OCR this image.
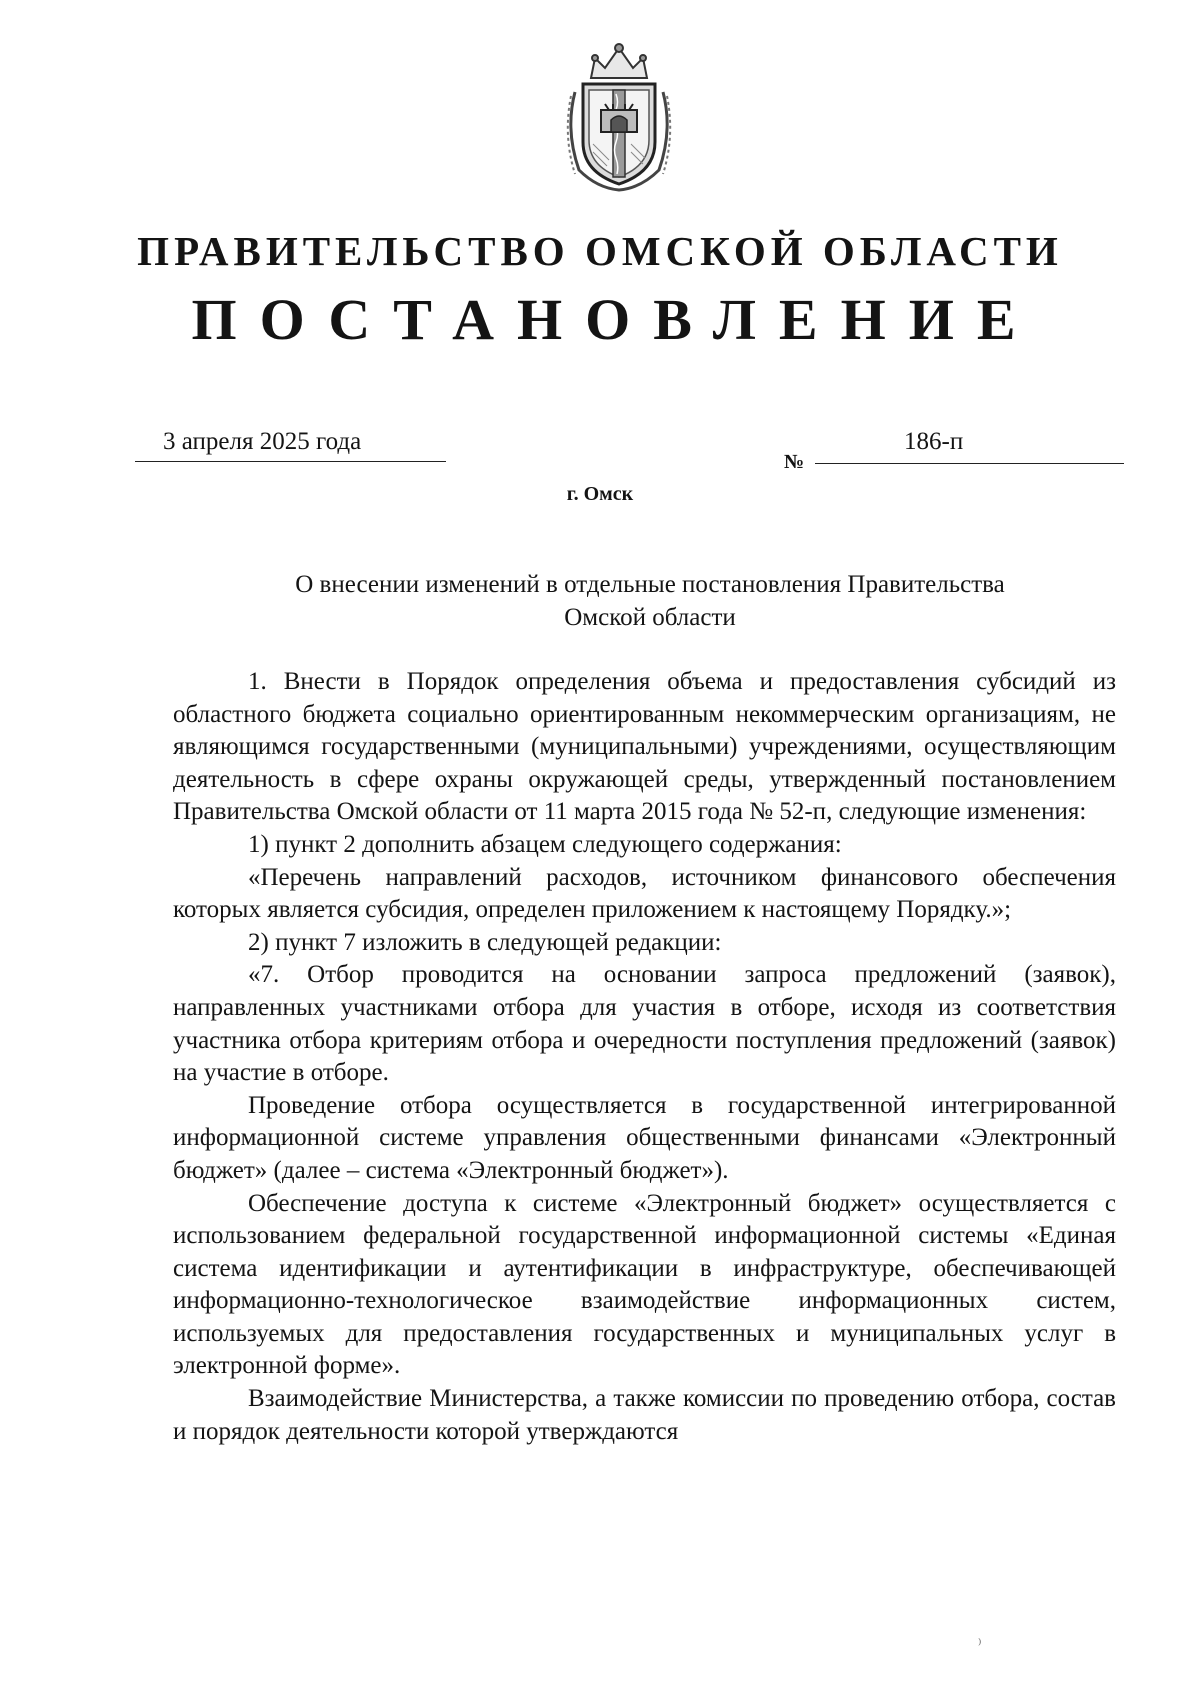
ПРАВИТЕЛЬСТВО ОМСКОЙ ОБЛАСТИ
ПОСТАНОВЛЕНИЕ
3 апреля 2025 года
№
186-п
г. Омск
О внесении изменений в отдельные постановления Правительства
Омской области

1. Внести в Порядок определения объема и предоставления субсидий из областного бюджета социально ориентированным некоммерческим организациям, не являющимся государственными (муниципальными) учреждениями, осуществляющим деятельность в сфере охраны окружающей среды, утвержденный постановлением Правительства Омской области от 11 марта 2015 года № 52-п, следующие изменения:

1) пункт 2 дополнить абзацем следующего содержания:

«Перечень направлений расходов, источником финансового обеспечения которых является субсидия, определен приложением к настоящему Порядку.»;

2) пункт 7 изложить в следующей редакции:

«7. Отбор проводится на основании запроса предложений (заявок), направленных участниками отбора для участия в отборе, исходя из соответствия участника отбора критериям отбора и очередности поступления предложений (заявок) на участие в отборе.

Проведение отбора осуществляется в государственной интегрированной информационной системе управления общественными финансами «Электронный бюджет» (далее – система «Электронный бюджет»).

Обеспечение доступа к системе «Электронный бюджет» осуществляется с использованием федеральной государственной информационной системы «Единая система идентификации и аутентификации в инфраструктуре, обеспечивающей информационно-технологическое взаимодействие информационных систем, используемых для предоставления государственных и муниципальных услуг в электронной форме».

Взаимодействие Министерства, а также комиссии по проведению отбора, состав и порядок деятельности которой утверждаются

⁾
